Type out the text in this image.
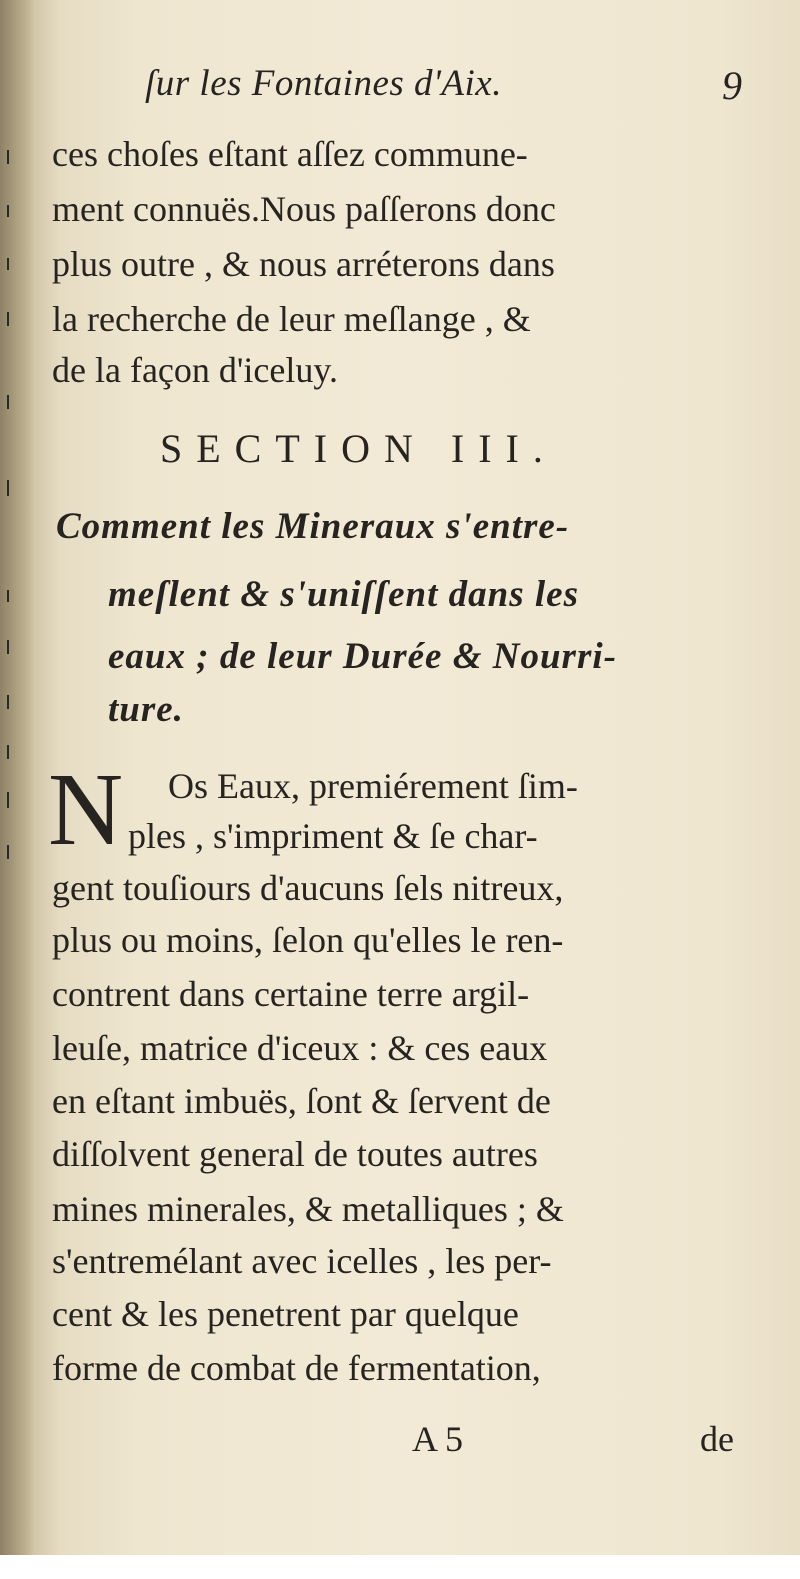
ſur les Fontaines d'Aix.	9
ces choſes eſtant aſſez commune-
ment connuës.Nous paſſerons donc
plus outre , & nous arréterons dans
la recherche de leur meſlange , &
de la façon d'iceluy.
SECTION III.
Comment les Mineraux s'entre-
meſlent & s'uniſſent dans les
eaux ; de leur Durée & Nourri-
ture.
N Os Eaux, premiérement ſim-
ples , s'impriment & ſe char-
gent touſiours d'aucuns ſels nitreux,
plus ou moins, ſelon qu'elles le ren-
contrent dans certaine terre argil-
leuſe, matrice d'iceux : & ces eaux
en eſtant imbuës, ſont & ſervent de
diſſolvent general de toutes autres
mines minerales, & metalliques ; &
s'entremélant avec icelles , les per-
cent & les penetrent par quelque
forme de combat de fermentation,
A 5	de
